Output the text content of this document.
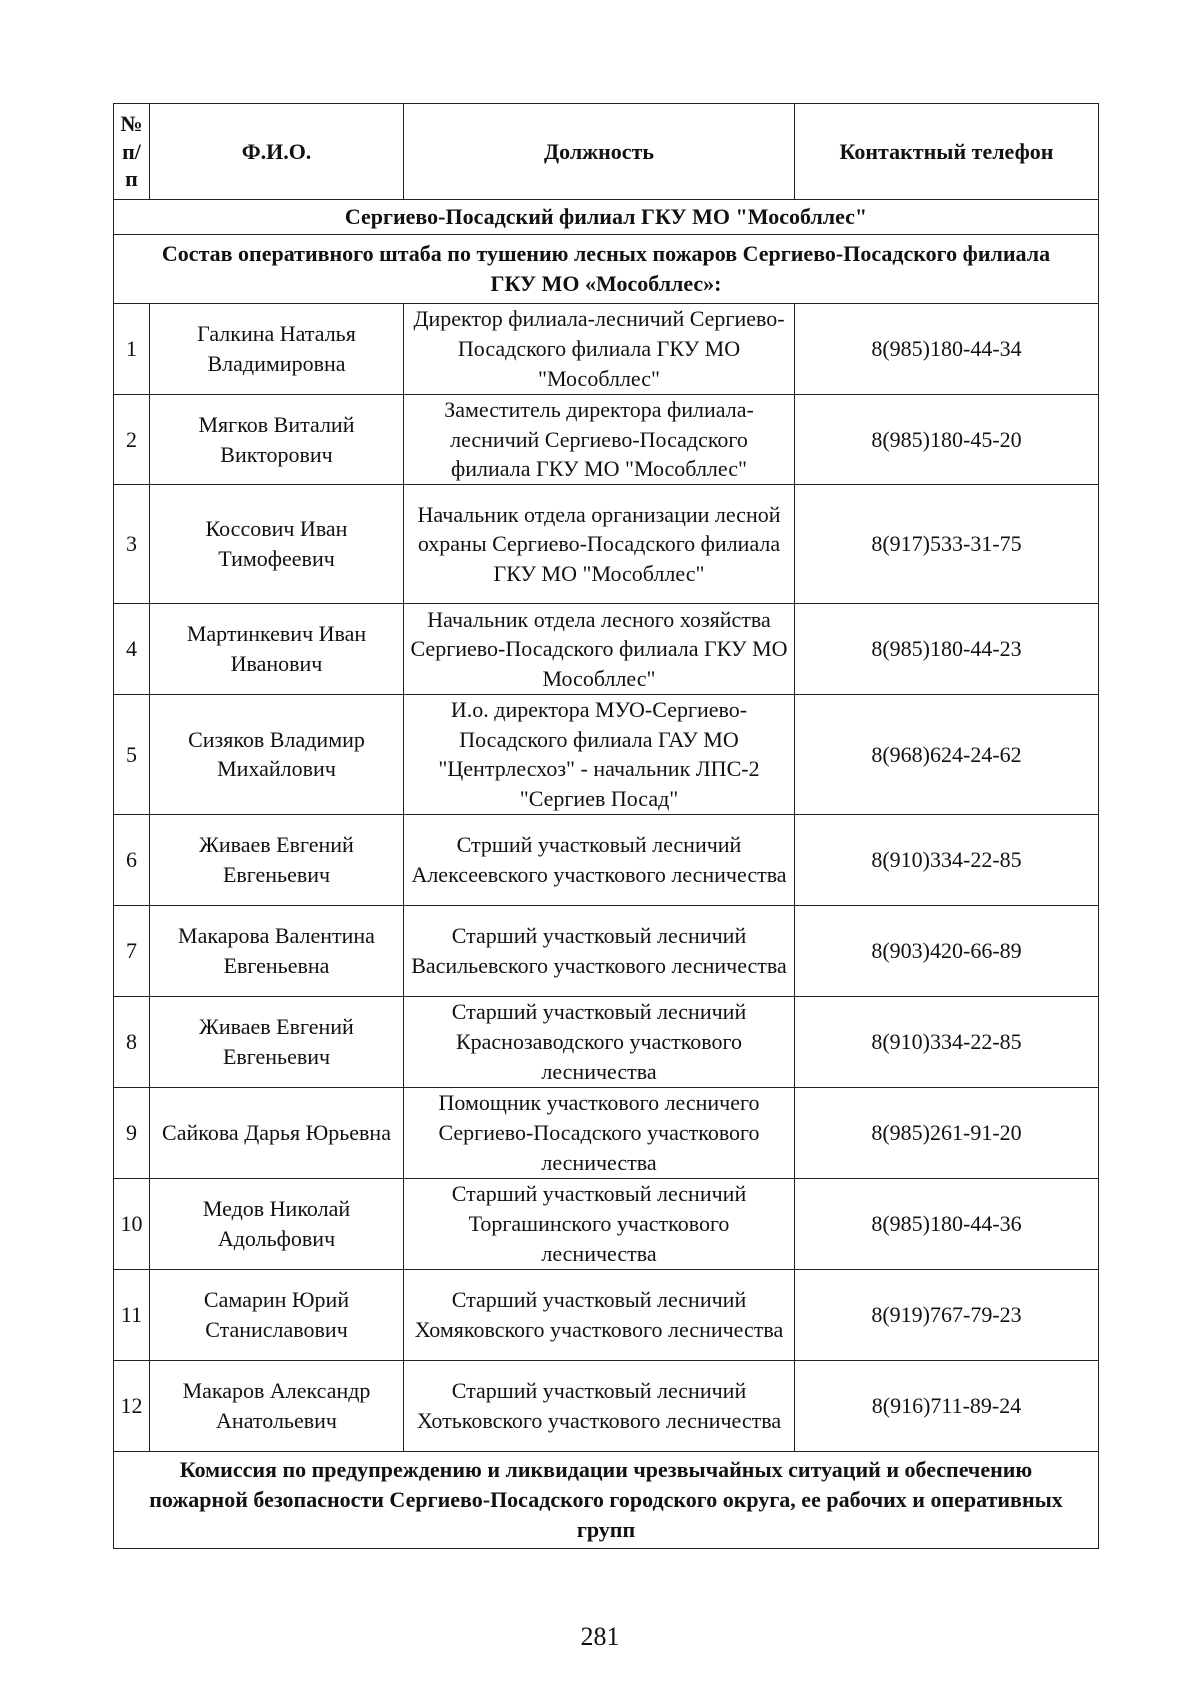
№ п/ п	Ф.И.О.	Должность	Контактный телефон
Сергиево-Посадский филиал ГКУ МО "Мособллес"			
Состав оперативного штаба по тушению лесных пожаров Сергиево-Посадского филиала ГКУ МО «Мособллес»:			
1	Галкина Наталья Владимировна	Директор филиала-лесничий Сергиево-Посадского филиала ГКУ МО "Мособллес"	8(985)180-44-34
2	Мягков Виталий Викторович	Заместитель директора филиала-лесничий Сергиево-Посадского филиала ГКУ МО "Мособллес"	8(985)180-45-20
3	Коссович Иван Тимофеевич	Начальник отдела организации лесной охраны Сергиево-Посадского филиала ГКУ МО "Мособллес"	8(917)533-31-75
4	Мартинкевич Иван Иванович	Начальник отдела лесного хозяйства Сергиево-Посадского филиала ГКУ МО Мособллес"	8(985)180-44-23
5	Сизяков Владимир Михайлович	И.о. директора МУО-Сергиево-Посадского филиала ГАУ МО "Центрлесхоз" - начальник ЛПС-2 "Сергиев Посад"	8(968)624-24-62
6	Живаев Евгений Евгеньевич	Стрший участковый лесничий Алексеевского участкового лесничества	8(910)334-22-85
7	Макарова Валентина Евгеньевна	Старший участковый лесничий Васильевского участкового лесничества	8(903)420-66-89
8	Живаев Евгений Евгеньевич	Старший участковый лесничий Краснозаводского участкового лесничества	8(910)334-22-85
9	Сайкова Дарья Юрьевна	Помощник участкового лесничего Сергиево-Посадского участкового лесничества	8(985)261-91-20
10	Медов Николай Адольфович	Старший участковый лесничий Торгашинского участкового лесничества	8(985)180-44-36
11	Самарин Юрий Станиславович	Старший участковый лесничий Хомяковского участкового лесничества	8(919)767-79-23
12	Макаров Александр Анатольевич	Старший участковый лесничий Хотьковского участкового лесничества	8(916)711-89-24
Комиссия по предупреждению и ликвидации чрезвычайных ситуаций и обеспечению пожарной безопасности Сергиево-Посадского городского округа, ее рабочих и оперативных групп			
281
